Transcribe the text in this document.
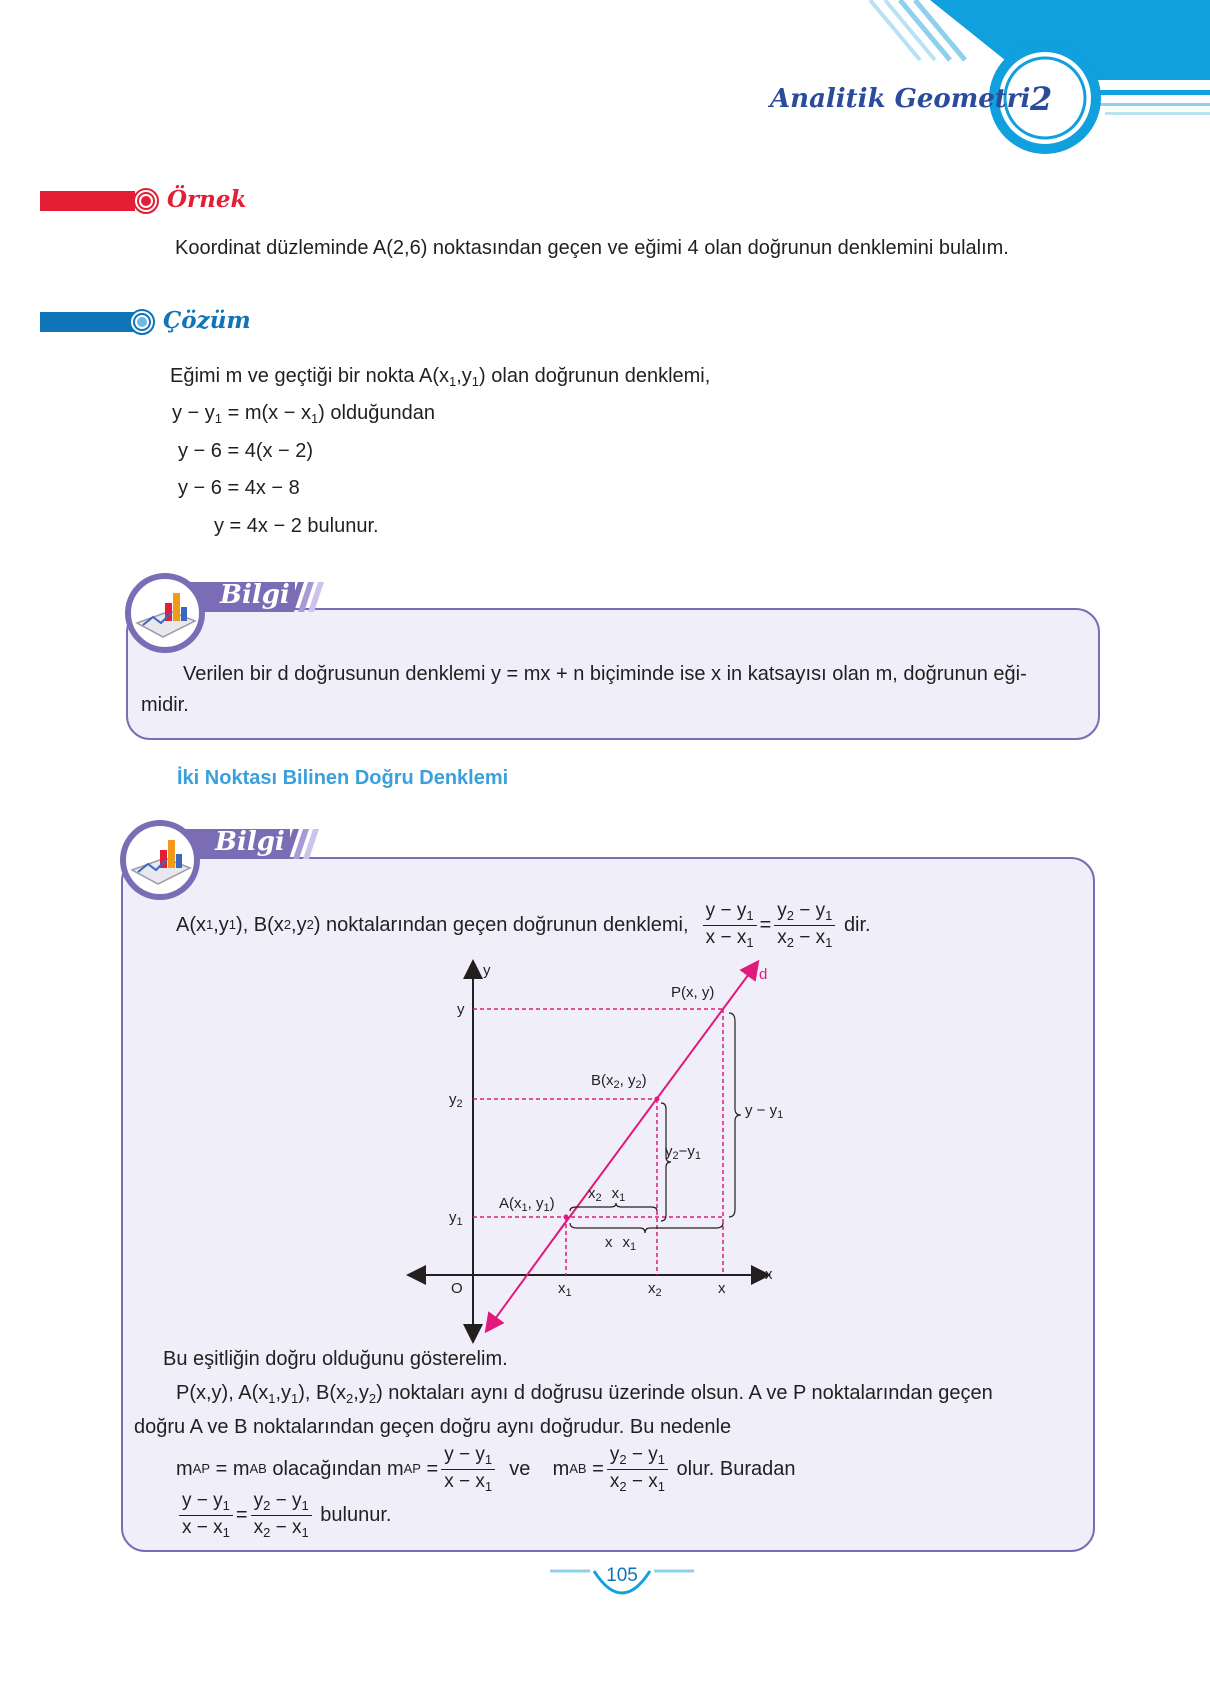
Analitik Geometri 2
Örnek
Koordinat düzleminde A(2,6) noktasından geçen ve eğimi 4 olan doğrunun denklemini bulalım.
Çözüm
Eğimi m ve geçtiği bir nokta $A(x_1,y_1)$ olan doğrunun denklemi,
$y - y_1 = m(x - x_1)$ olduğundan
y − 6 = 4(x − 2)
y − 6 = 4x − 8
y = 4x − 2 bulunur.
Bilgi
Verilen bir d doğrusunun denklemi y = mx + n biçiminde ise x in katsayısı olan m, doğrunun eği-
midir.
İki Noktası Bilinen Doğru Denklemi
Bilgi
A(x 1 ,y 1 ), B(x 2 ,y 2 ) noktalarından geçen doğrunun denklemi,
$\frac{y - y_1}{x - x_1} = \frac{y_2 - y_1}{x_2 - x_1}$
dir.
y
x
O
d
P(x, y)
$B(x_2$, $y_2$)
$A(x_1$, $y_1$)
y
$y_2$
$y_1$
$x_1$	$x_2$	x
$y - y_1$
$y_2-y_1$
$x_2$ $x_1$
x $x_1$
Bu eşitliğin doğru olduğunu gösterelim.
P(x,y), $A(x_1,y_1)$, $B(x_2,y_2)$ noktaları aynı d doğrusu üzerinde olsun. A ve P noktalarından geçen
doğru A ve B noktalarından geçen doğru aynı doğrudur. Bu nedenle
m AP
=
m AB
olacağından
m AP
= $\frac{y - y_1}{x - x_1}$
ve
m AB
= $\frac{y_2 - y_1}{x_2 - x_1}$
olur. Buradan
$\frac{y - y_1}{x - x_1} = \frac{y_2 - y_1}{x_2 - x_1}$
bulunur.
105
